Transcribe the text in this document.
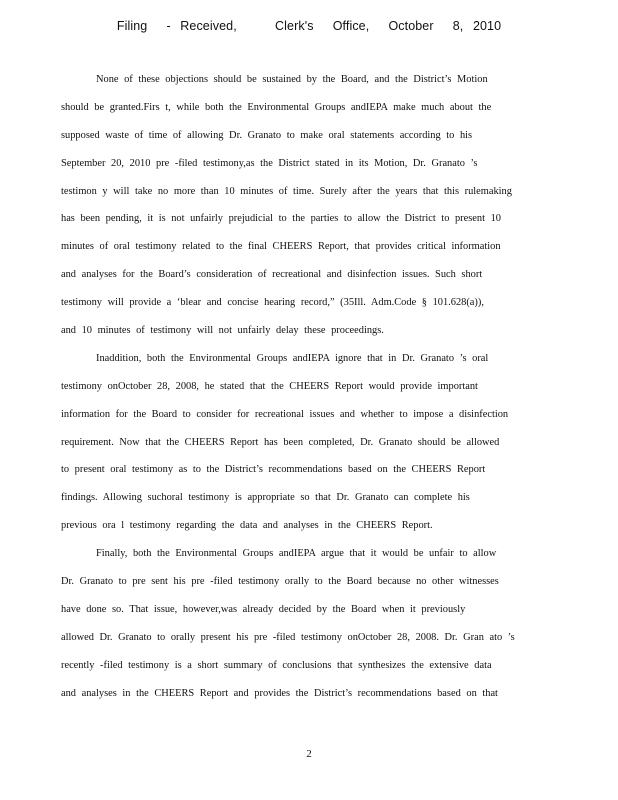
Filing  - Received,    Clerk's  Office,  October  8, 2010
None of these objections should be sustained by the Board, and the District’s Motion
should be granted.Firs t, while both the Environmental Groups andIEPA make much about the
supposed waste of time of allowing Dr. Granato to make oral statements according to his
September 20, 2010 pre -filed testimony,as the District stated in its Motion, Dr. Granato ’s
testimon y will take no more than 10 minutes of time. Surely after the years that this rulemaking
has been pending, it is not unfairly prejudicial to the parties to allow the District to present 10
minutes of oral testimony related to the final CHEERS Report, that provides critical information
and analyses for the Board’s consideration of recreational and disinfection issues. Such short
testimony will provide a ‘blear and concise hearing record,” (35Ill. Adm.Code § 101.628(a)),
and 10 minutes of testimony will not unfairly delay these proceedings.
Inaddition, both the Environmental Groups andIEPA ignore that in Dr. Granato ’s oral
testimony onOctober 28, 2008, he stated that the CHEERS Report would provide important
information for the Board to consider for recreational issues and whether to impose a disinfection
requirement. Now that the CHEERS Report has been completed, Dr. Granato should be allowed
to present oral testimony as to the District’s recommendations based on the CHEERS Report
findings. Allowing suchoral testimony is appropriate so that Dr. Granato can complete his
previous ora l testimony regarding the data and analyses in the CHEERS Report.
Finally, both the Environmental Groups andIEPA argue that it would be unfair to allow
Dr. Granato to pre sent his pre -filed testimony orally to the Board because no other witnesses
have done so. That issue, however,was already decided by the Board when it previously
allowed Dr. Granato to orally present his pre -filed testimony onOctober 28, 2008. Dr. Gran ato ’s
recently -filed testimony is a short summary of conclusions that synthesizes the extensive data
and analyses in the CHEERS Report and provides the District’s recommendations based on that
2
